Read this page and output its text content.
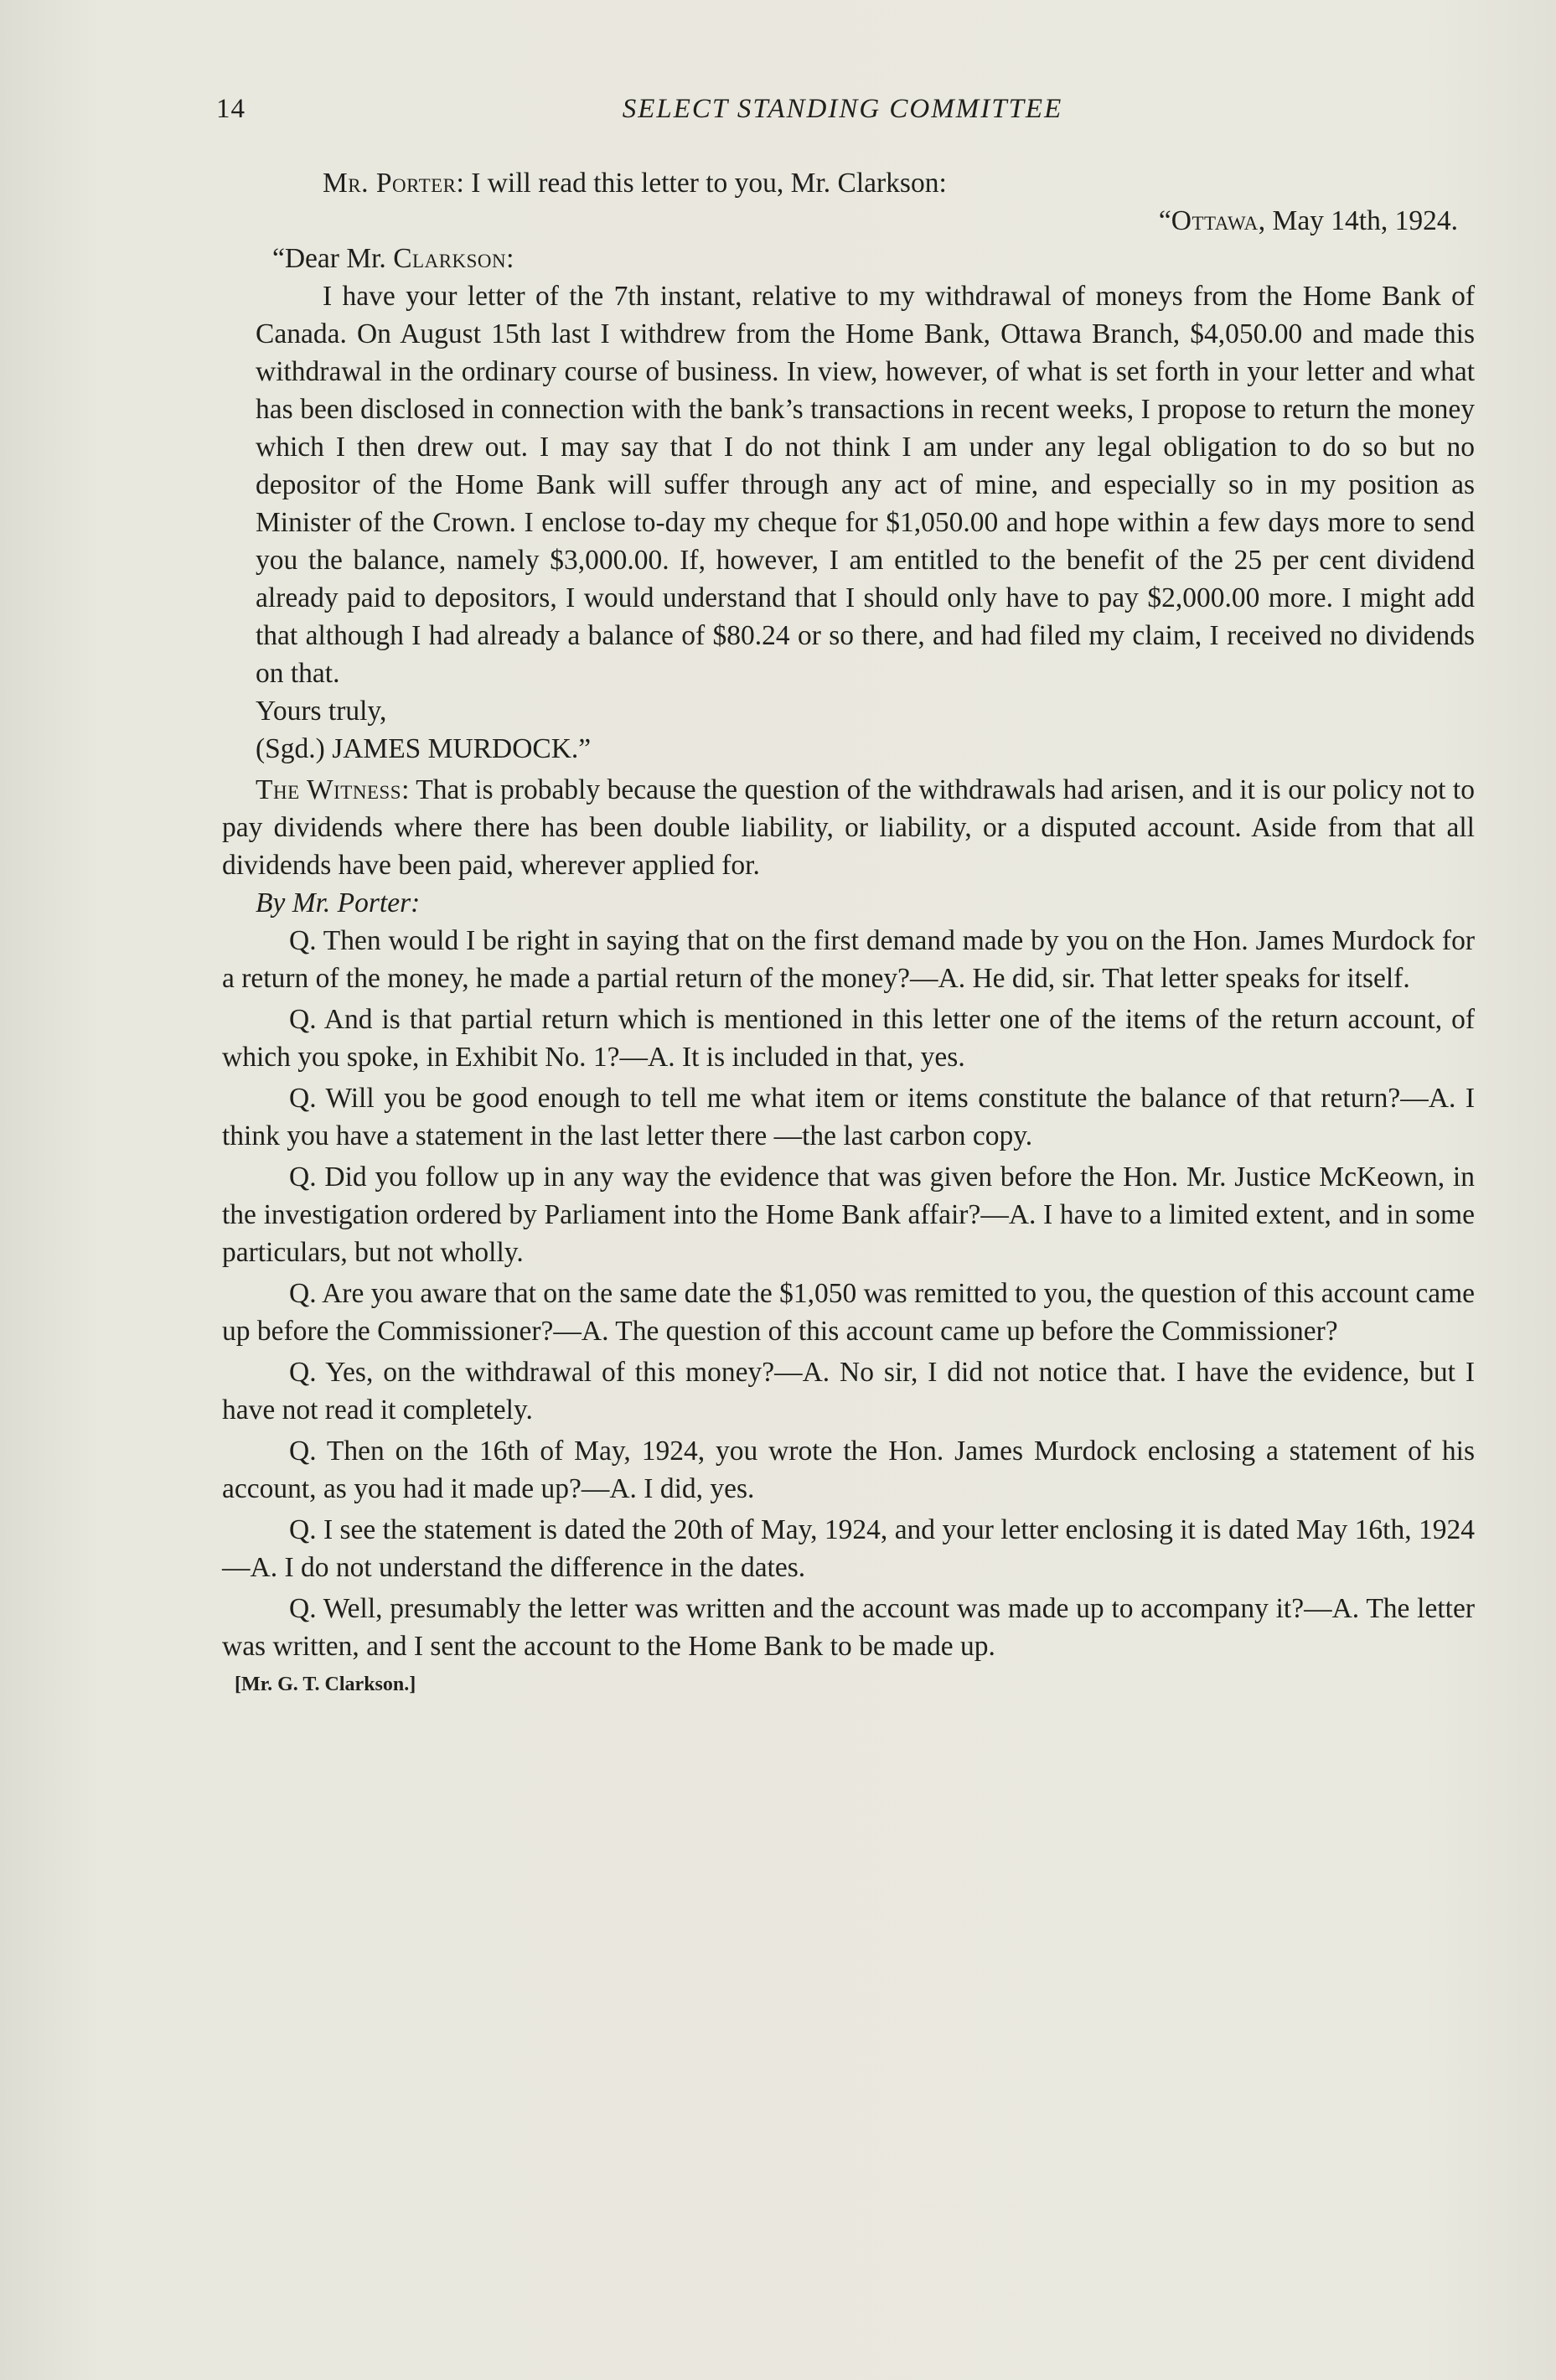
14	SELECT STANDING COMMITTEE

Mr. Porter: I will read this letter to you, Mr. Clarkson:

“Ottawa, May 14th, 1924.

“Dear Mr. Clarkson:

I have your letter of the 7th instant, relative to my withdrawal of moneys from the Home Bank of Canada. On August 15th last I withdrew from the Home Bank, Ottawa Branch, $4,050.00 and made this withdrawal in the ordinary course of business. In view, however, of what is set forth in your letter and what has been disclosed in connection with the bank’s transactions in recent weeks, I propose to return the money which I then drew out. I may say that I do not think I am under any legal obligation to do so but no depositor of the Home Bank will suffer through any act of mine, and especially so in my position as Minister of the Crown. I enclose to-day my cheque for $1,050.00 and hope within a few days more to send you the balance, namely $3,000.00. If, however, I am entitled to the benefit of the 25 per cent dividend already paid to depositors, I would understand that I should only have to pay $2,000.00 more. I might add that although I had already a balance of $80.24 or so there, and had filed my claim, I received no dividends on that.

Yours truly,

(Sgd.) JAMES MURDOCK.”

The Witness: That is probably because the question of the withdrawals had arisen, and it is our policy not to pay dividends where there has been double liability, or liability, or a disputed account. Aside from that all dividends have been paid, wherever applied for.

By Mr. Porter:

Q. Then would I be right in saying that on the first demand made by you on the Hon. James Murdock for a return of the money, he made a partial return of the money?—A. He did, sir. That letter speaks for itself.

Q. And is that partial return which is mentioned in this letter one of the items of the return account, of which you spoke, in Exhibit No. 1?—A. It is included in that, yes.

Q. Will you be good enough to tell me what item or items constitute the balance of that return?—A. I think you have a statement in the last letter there —the last carbon copy.

Q. Did you follow up in any way the evidence that was given before the Hon. Mr. Justice McKeown, in the investigation ordered by Parliament into the Home Bank affair?—A. I have to a limited extent, and in some particulars, but not wholly.

Q. Are you aware that on the same date the $1,050 was remitted to you, the question of this account came up before the Commissioner?—A. The question of this account came up before the Commissioner?

Q. Yes, on the withdrawal of this money?—A. No sir, I did not notice that. I have the evidence, but I have not read it completely.

Q. Then on the 16th of May, 1924, you wrote the Hon. James Murdock enclosing a statement of his account, as you had it made up?—A. I did, yes.

Q. I see the statement is dated the 20th of May, 1924, and your letter enclosing it is dated May 16th, 1924—A. I do not understand the difference in the dates.

Q. Well, presumably the letter was written and the account was made up to accompany it?—A. The letter was written, and I sent the account to the Home Bank to be made up.

[Mr. G. T. Clarkson.]
